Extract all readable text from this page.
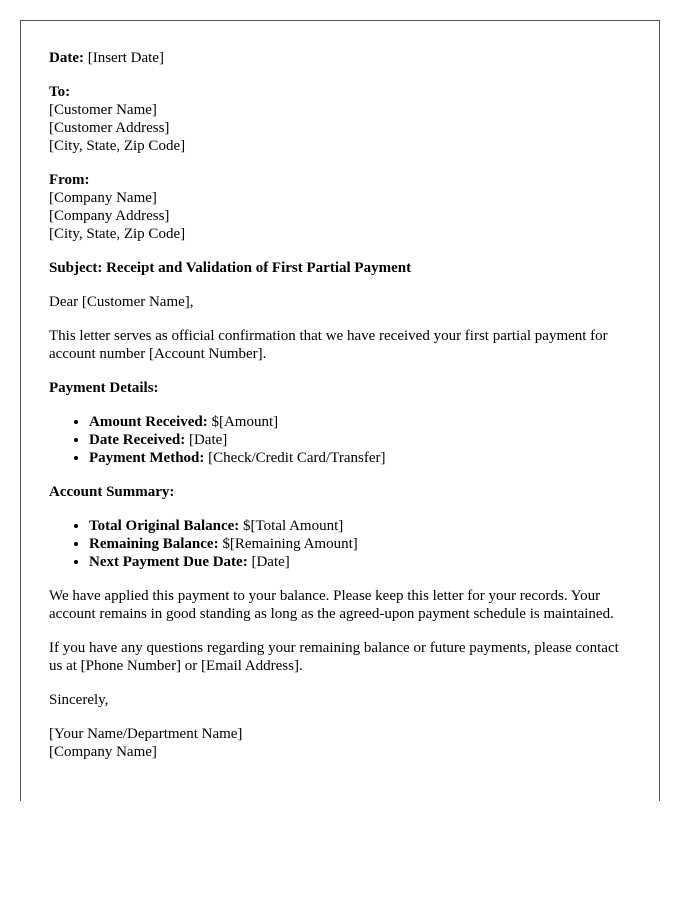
Date: [Insert Date]

To:
[Customer Name]
[Customer Address]
[City, State, Zip Code]

From:
[Company Name]
[Company Address]
[City, State, Zip Code]

Subject: Receipt and Validation of First Partial Payment

Dear [Customer Name],

This letter serves as official confirmation that we have received your first partial payment for account number [Account Number].

Payment Details:

• Amount Received: $[Amount]
• Date Received: [Date]
• Payment Method: [Check/Credit Card/Transfer]

Account Summary:

• Total Original Balance: $[Total Amount]
• Remaining Balance: $[Remaining Amount]
• Next Payment Due Date: [Date]

We have applied this payment to your balance. Please keep this letter for your records. Your account remains in good standing as long as the agreed-upon payment schedule is maintained.

If you have any questions regarding your remaining balance or future payments, please contact us at [Phone Number] or [Email Address].

Sincerely,

[Your Name/Department Name]
[Company Name]
